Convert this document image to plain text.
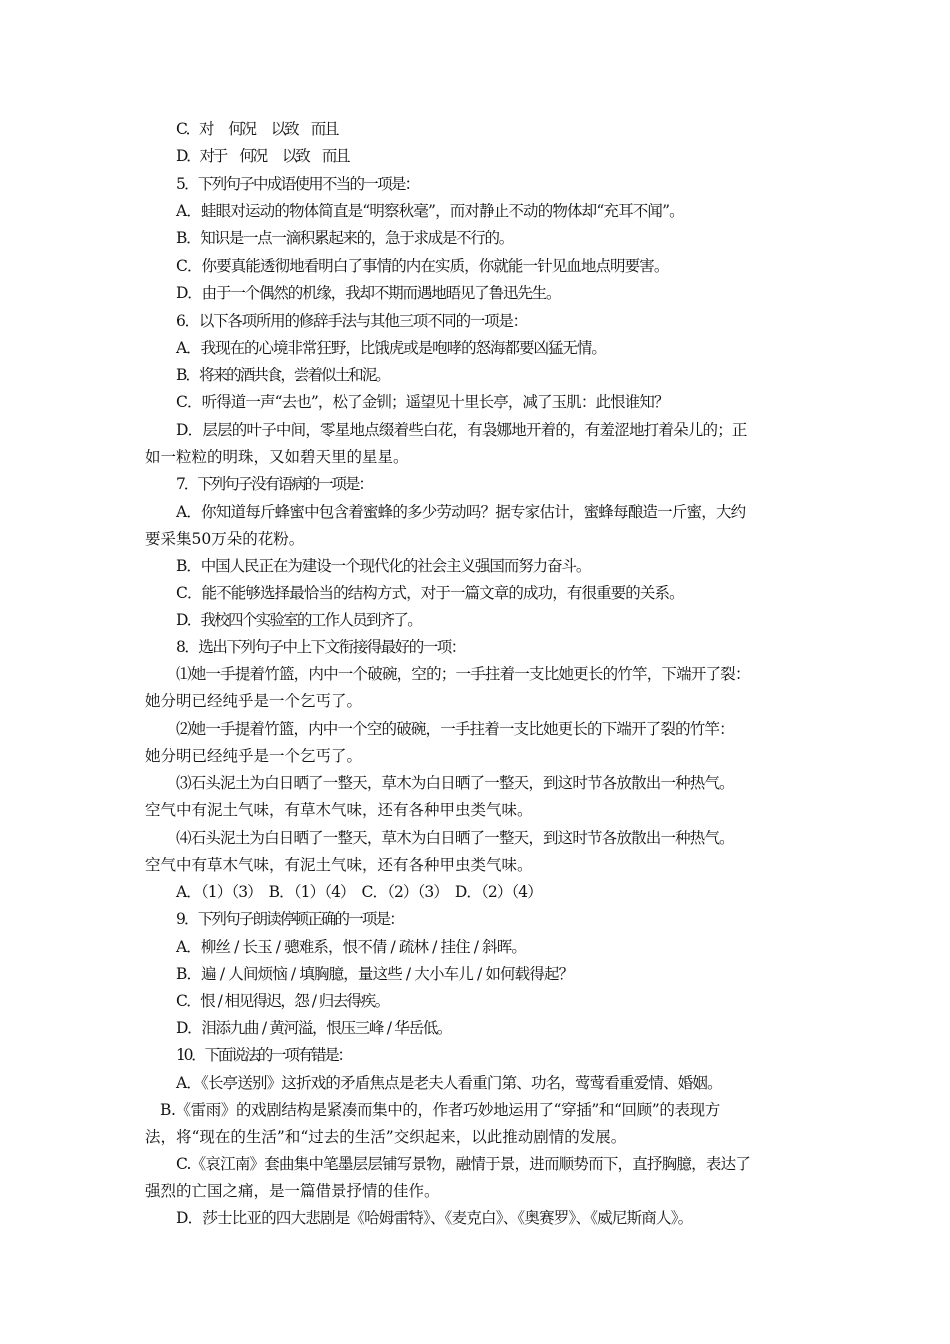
C．对　 何况　 以致　而且
D．对于　何况　 以致　而且
5．下列句子中成语使用不当的一项是：
A．蛙眼对运动的物体简直是“明察秋毫”，而对静止不动的物体却“充耳不闻”。
B．知识是一点一滴积累起来的，急于求成是不行的。
C．你要真能透彻地看明白了事情的内在实质，你就能一针见血地点明要害。
D．由于一个偶然的机缘，我却不期而遇地晤见了鲁迅先生。
6．以下各项所用的修辞手法与其他三项不同的一项是：
A．我现在的心境非常狂野，比饿虎或是咆哮的怒海都要凶猛无情。
B．将来的酒共食，尝着似土和泥。
C．听得道一声“去也”，松了金钏；遥望见十里长亭，减了玉肌：此恨谁知？
D．层层的叶子中间，零星地点缀着些白花，有袅娜地开着的，有羞涩地打着朵儿的；正
如一粒粒的明珠，又如碧天里的星星。
7．下列句子没有语病的一项是：
A．你知道每斤蜂蜜中包含着蜜蜂的多少劳动吗？据专家估计，蜜蜂每酿造一斤蜜，大约
要采集50万朵的花粉。
B．中国人民正在为建设一个现代化的社会主义强国而努力奋斗。
C．能不能够选择最恰当的结构方式，对于一篇文章的成功，有很重要的关系。
D．我校四个实验室的工作人员到齐了。
8．选出下列句子中上下文衔接得最好的一项：
⑴她一手提着竹篮，内中一个破碗，空的；一手拄着一支比她更长的竹竿，下端开了裂：
她分明已经纯乎是一个乞丐了。
⑵她一手提着竹篮，内中一个空的破碗，一手拄着一支比她更长的下端开了裂的竹竿：
她分明已经纯乎是一个乞丐了。
⑶石头泥土为白日晒了一整天，草木为白日晒了一整天，到这时节各放散出一种热气。
空气中有泥土气味，有草木气味，还有各种甲虫类气味。
⑷石头泥土为白日晒了一整天，草木为白日晒了一整天，到这时节各放散出一种热气。
空气中有草木气味，有泥土气味，还有各种甲虫类气味。
A．（1）（3）　B．（1）（4）　C．（2）（3）　D．（2）（4）
9．下列句子朗读停顿正确的一项是：
A．柳丝 / 长玉 / 骢难系，恨不倩 / 疏林 / 挂住 / 斜晖。
B．遍 / 人间烦恼 / 填胸臆，量这些 / 大小车儿 / 如何载得起？
C．恨 / 相见得迟，怨 / 归去得疾。
D．泪添九曲 / 黄河溢，恨压三峰 / 华岳低。
10．下面说法的一项有错是：
A．《长亭送别》这折戏的矛盾焦点是老夫人看重门第、功名，莺莺看重爱情、婚姻。
B.《雷雨》的戏剧结构是紧凑而集中的，作者巧妙地运用了“穿插”和“回顾”的表现方
法，将“现在的生活”和“过去的生活”交织起来，以此推动剧情的发展。
C.《哀江南》套曲集中笔墨层层铺写景物，融情于景，进而顺势而下，直抒胸臆，表达了
强烈的亡国之痛，是一篇借景抒情的佳作。
D．莎士比亚的四大悲剧是《哈姆雷特》、《麦克白》、《奥赛罗》、《威尼斯商人》。
